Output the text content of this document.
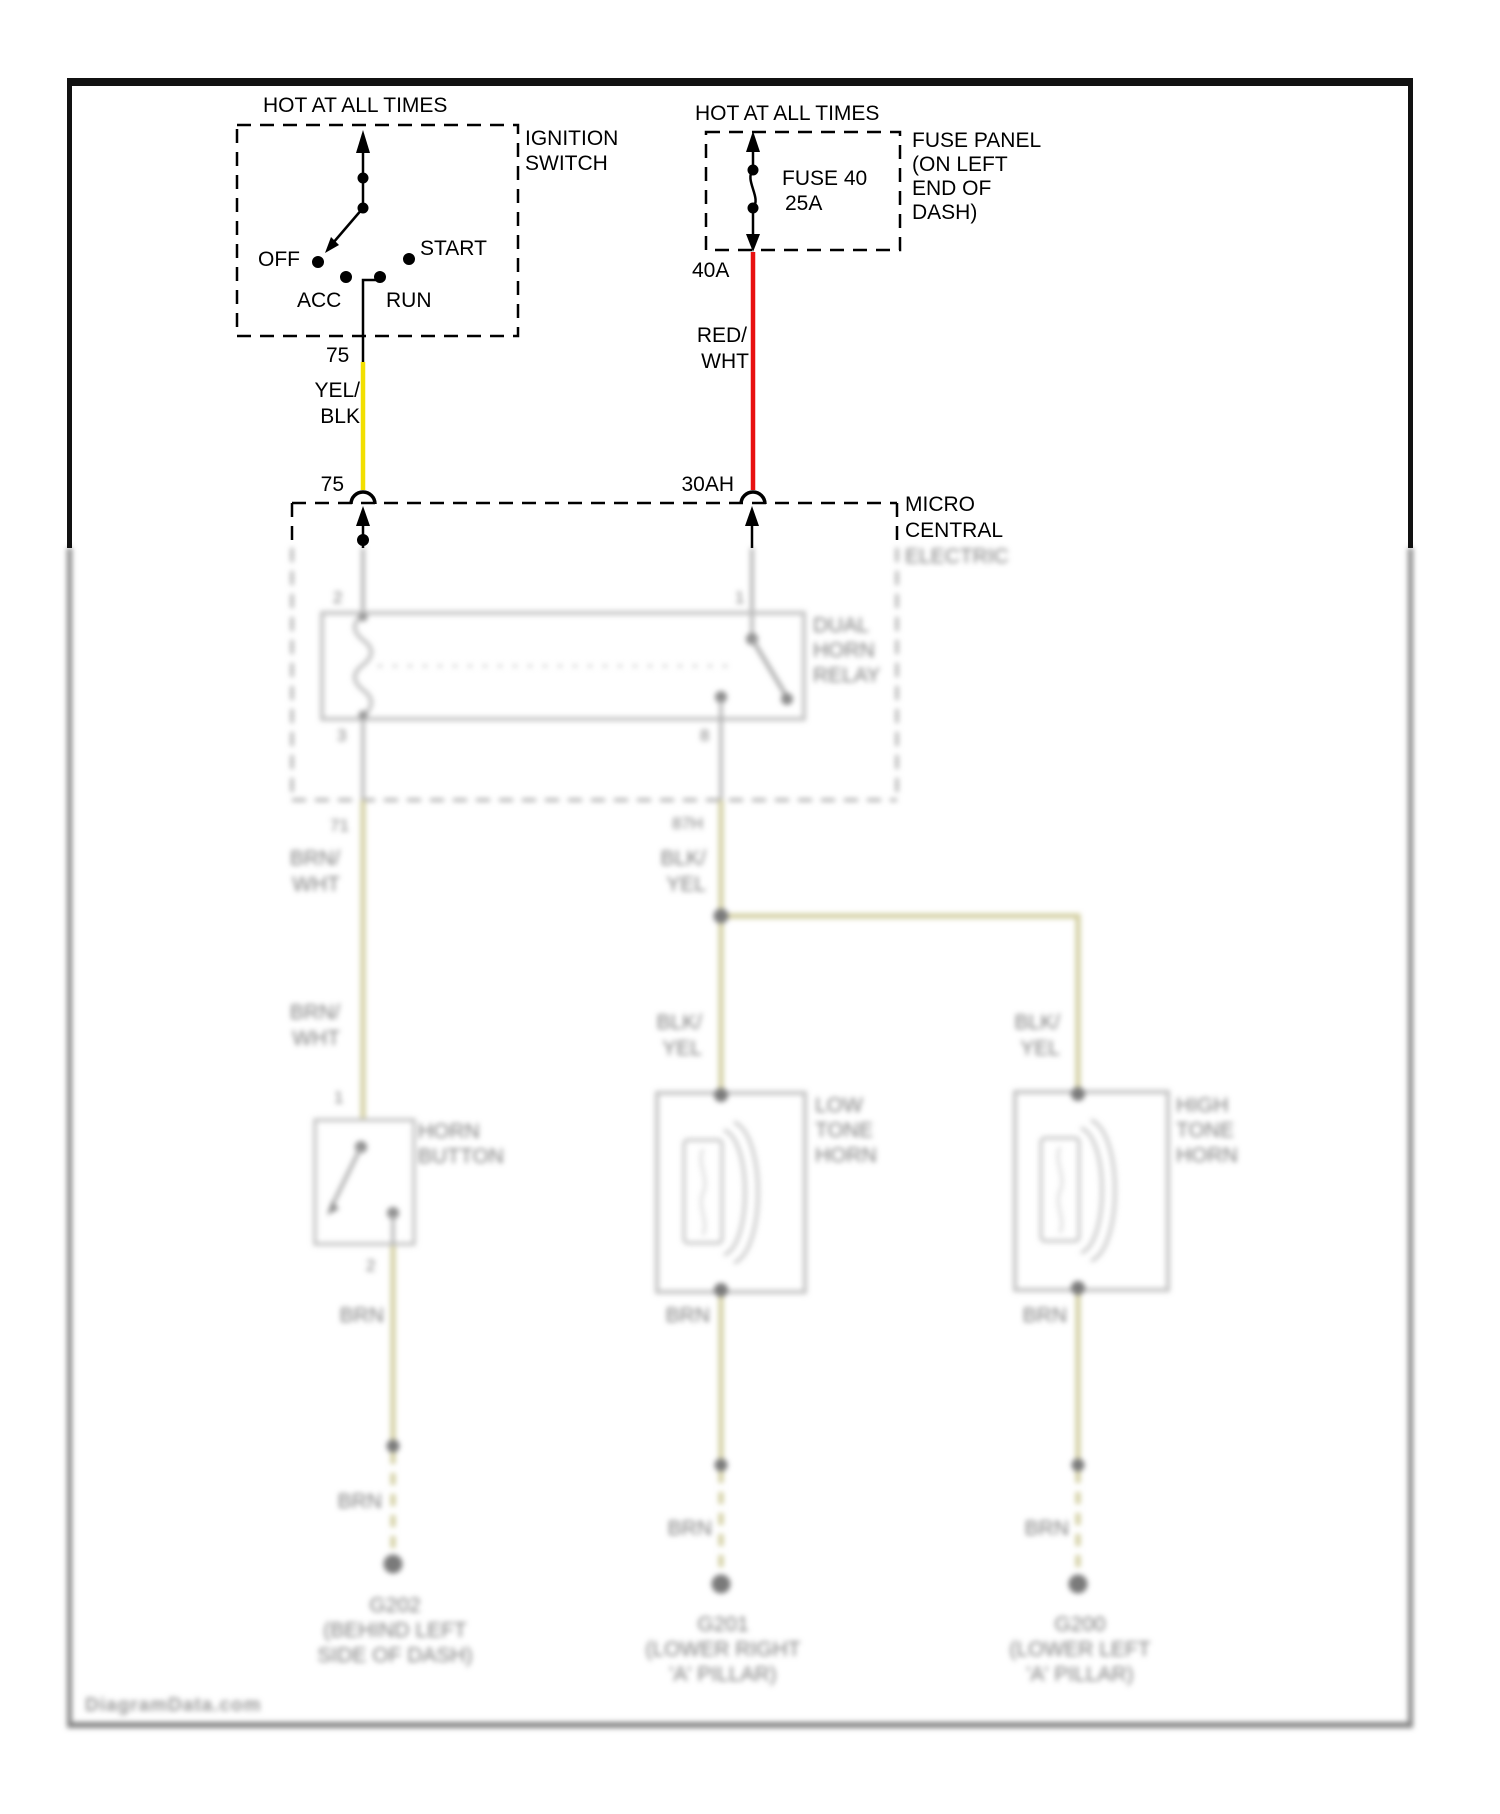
HOT AT ALL TIMES
IGNITION
SWITCH
OFF	START
ACC RUN
75
YEL/
BLK
75
HOT AT ALL TIMES
FUSE PANEL
(ON LEFT
END OF
DASH)
FUSE 40
25A
40A
RED/
WHT
30AH
MICRO
CENTRAL
ELECTRIC
DUAL
HORN
RELAY
2	1
3	8
71	87H
BRN/
WHT
BLK/
YEL
BRN/
WHT
BLK/
YEL
BLK/
YEL
1
HORN
BUTTON
2
LOW
TONE
HORN
HIGH
TONE
HORN
BRN	BRN	BRN
BRN
BRN	BRN
G202
(BEHIND LEFT
SIDE OF DASH)
G201
(LOWER RIGHT
'A' PILLAR)
G200
(LOWER LEFT
'A' PILLAR)
DiagramData.com
